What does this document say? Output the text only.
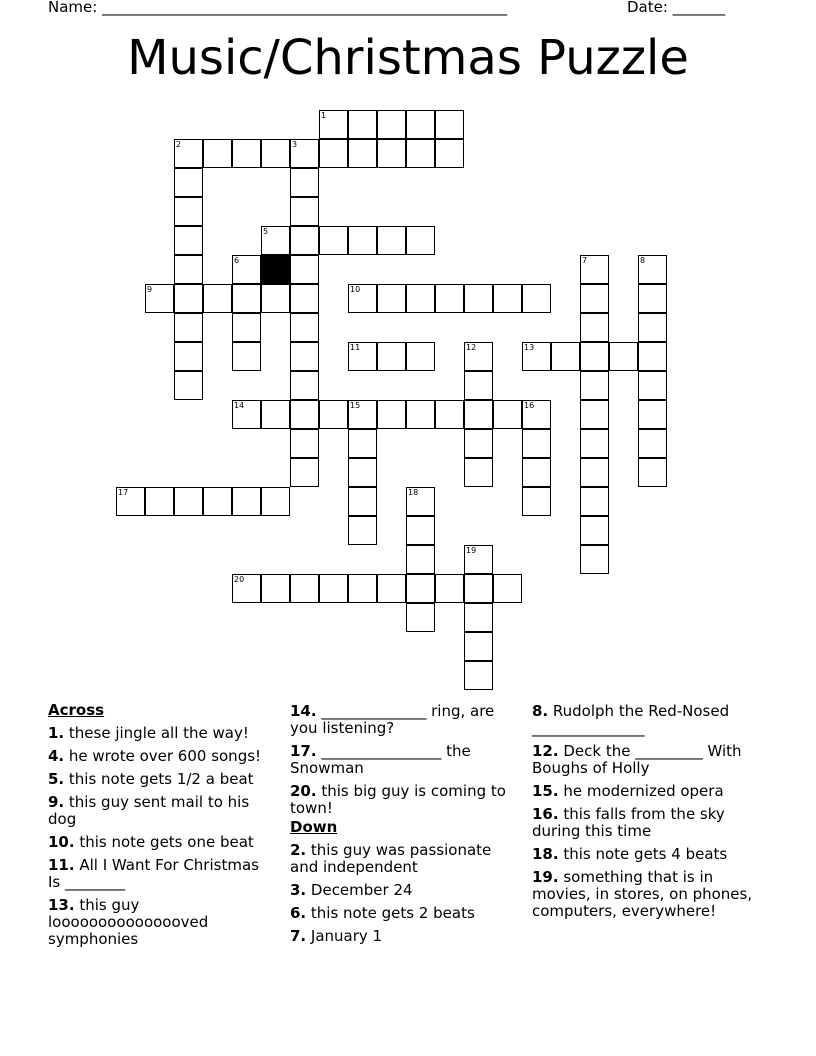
Name: ______________________________________________________	Date: _______
Music/Christmas Puzzle
1
2	3
5
6	7	8
9	10
11	12	13
14	15	16
17	18
19
20
Across
1. these jingle all the way!
4. he wrote over 600 songs!
5. this note gets 1/2 a beat
9. this guy sent mail to his dog
10. this note gets one beat
11. All I Want For Christmas Is ________
13. this guy looooooooooooooved symphonies
14. ______________ ring, are you listening?
17. ________________ the Snowman
20. this big guy is coming to town!
Down
2. this guy was passionate and independent
3. December 24
6. this note gets 2 beats
7. January 1
8. Rudolph the Red-Nosed _______________
12. Deck the _________ With Boughs of Holly
15. he modernized opera
16. this falls from the sky during this time
18. this note gets 4 beats
19. something that is in movies, in stores, on phones, computers, everywhere!
